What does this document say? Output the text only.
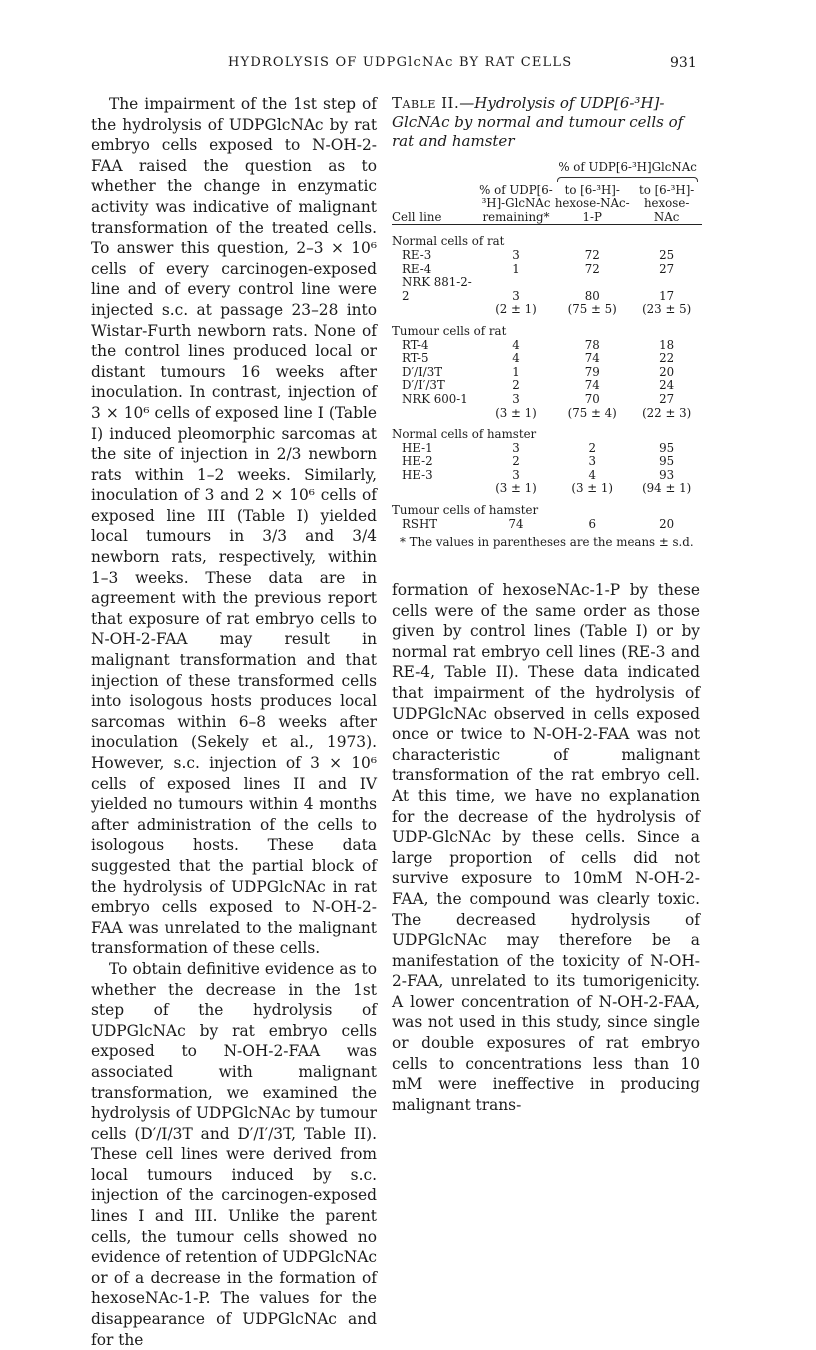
HYDROLYSIS OF UDPGlcNAc BY RAT CELLS	931

The impairment of the 1st step of the hydrolysis of UDPGlcNAc by rat embryo cells exposed to N-OH-2-FAA raised the question as to whether the change in enzymatic activity was indicative of malignant transformation of the treated cells. To answer this question, 2–3 × 10⁶ cells of every carcinogen-exposed line and of every control line were injected s.c. at passage 23–28 into Wistar-Furth newborn rats. None of the control lines produced local or distant tumours 16 weeks after inoculation. In contrast, injection of 3 × 10⁶ cells of exposed line I (Table I) induced pleomorphic sarcomas at the site of injection in 2/3 newborn rats within 1–2 weeks. Similarly, inoculation of 3 and 2 × 10⁶ cells of exposed line III (Table I) yielded local tumours in 3/3 and 3/4 newborn rats, respectively, within 1–3 weeks. These data are in agreement with the previous report that exposure of rat embryo cells to N-OH-2-FAA may result in malignant transformation and that injection of these transformed cells into isologous hosts produces local sarcomas within 6–8 weeks after inoculation (Sekely et al., 1973). However, s.c. injection of 3 × 10⁶ cells of exposed lines II and IV yielded no tumours within 4 months after administration of the cells to isologous hosts. These data suggested that the partial block of the hydrolysis of UDPGlcNAc in rat embryo cells exposed to N-OH-2-FAA was unrelated to the malignant transformation of these cells.

To obtain definitive evidence as to whether the decrease in the 1st step of the hydrolysis of UDPGlcNAc by rat embryo cells exposed to N-OH-2-FAA was associated with malignant transformation, we examined the hydrolysis of UDPGlcNAc by tumour cells (D′/I/3T and D′/I′/3T, Table II). These cell lines were derived from local tumours induced by s.c. injection of the carcinogen-exposed lines I and III. Unlike the parent cells, the tumour cells showed no evidence of retention of UDPGlcNAc or of a decrease in the formation of hexoseNAc-1-P. The values for the disappearance of UDPGlcNAc and for the

Table II.—Hydrolysis of UDP[6-³H]-GlcNAc by normal and tumour cells of rat and hamster

		% of UDP[6-³H]GlcNAc	

Cell line	% of UDP[6-³H]-GlcNAc remaining*	to [6-³H]-hexose-NAc-1-P	to [6-³H]-hexose-NAc

Normal cells of rat			
RE-3	3	72	25
RE-4	1	72	27
NRK 881-2-2	3	80	17
	(2 ± 1)	(75 ± 5)	(23 ± 5)
Tumour cells of rat			
RT-4	4	78	18
RT-5	4	74	22
D′/I/3T	1	79	20
D′/I′/3T	2	74	24
NRK 600-1	3	70	27
	(3 ± 1)	(75 ± 4)	(22 ± 3)
Normal cells of hamster			
HE-1	3	2	95
HE-2	2	3	95
HE-3	3	4	93
	(3 ± 1)	(3 ± 1)	(94 ± 1)
Tumour cells of hamster			
RSHT	74	6	20
* The values in parentheses are the means ± s.d.

formation of hexoseNAc-1-P by these cells were of the same order as those given by control lines (Table I) or by normal rat embryo cell lines (RE-3 and RE-4, Table II). These data indicated that impairment of the hydrolysis of UDPGlcNAc observed in cells exposed once or twice to N-OH-2-FAA was not characteristic of malignant transformation of the rat embryo cell. At this time, we have no explanation for the decrease of the hydrolysis of UDP-GlcNAc by these cells. Since a large proportion of cells did not survive exposure to 10mM N-OH-2-FAA, the compound was clearly toxic. The decreased hydrolysis of UDPGlcNAc may therefore be a manifestation of the toxicity of N-OH-2-FAA, unrelated to its tumorigenicity. A lower concentration of N-OH-2-FAA, was not used in this study, since single or double exposures of rat embryo cells to concentrations less than 10 mM were ineffective in producing malignant trans-
